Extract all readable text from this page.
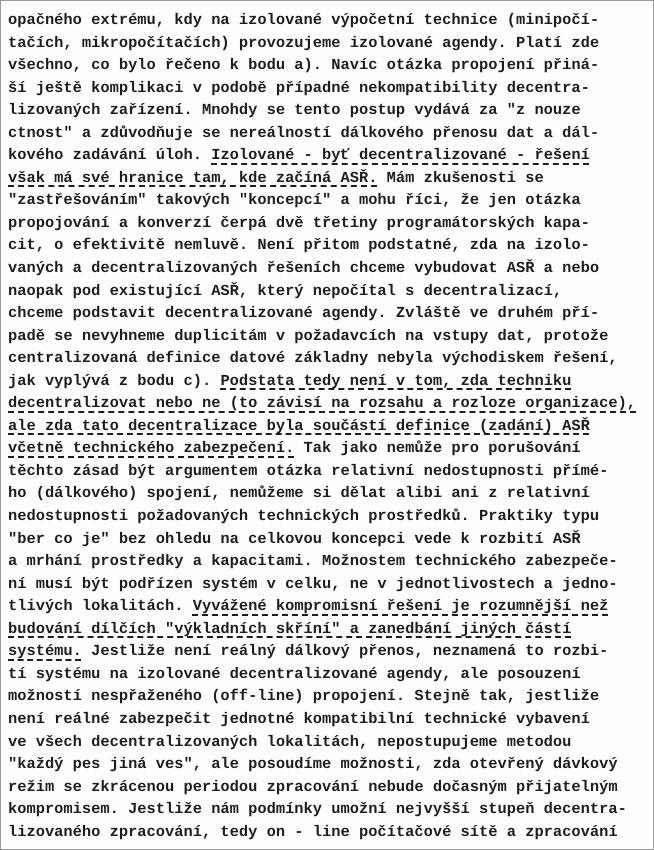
opačného extrému, kdy na izolované výpočetní technice (minipočí-
tačích, mikropočítačích) provozujeme izolované agendy. Platí zde
všechno, co bylo řečeno k bodu a). Navíc otázka propojení přiná-
ší ještě komplikaci v podobě případné nekompatibility decentra-
lizovaných zařízení. Mnohdy se tento postup vydává za "z nouze
ctnost" a zdůvodňuje se nereálností dálkového přenosu dat a dál-
kového zadávání úloh. Izolované - byť decentralizované - řešení
však má své hranice tam, kde začíná ASŘ. Mám zkušenosti se
"zastřešováním" takových "koncepcí" a mohu říci, že jen otázka
propojování a konverzí čerpá dvě třetiny programátorských kapa-
cit, o efektivitě nemluvě. Není přitom podstatné, zda na izolo-
vaných a decentralizovaných řešeních chceme vybudovat ASŘ a nebo
naopak pod existující ASŘ, který nepočítal s decentralizací,
chceme podstavit decentralizované agendy. Zvláště ve druhém pří-
padě se nevyhneme duplicitám v požadavcích na vstupy dat, protože
centralizovaná definice datové základny nebyla východiskem řešení,
jak vyplývá z bodu c). Podstata tedy není v tom, zda techniku
decentralizovat nebo ne (to závisí na rozsahu a rozloze organizace),
ale zda tato decentralizace byla součástí definice (zadání) ASŘ
včetně technického zabezpečení. Tak jako nemůže pro porušování
těchto zásad být argumentem otázka relativní nedostupnosti přímé-
ho (dálkového) spojení, nemůžeme si dělat alibi ani z relativní
nedostupnosti požadovaných technických prostředků. Praktiky typu
"ber co je" bez ohledu na celkovou koncepci vede k rozbití ASŘ
a mrhání prostředky a kapacitami. Možnostem technického zabezpeče-
ní musí být podřízen systém v celku, ne v jednotlivostech a jedno-
tlivých lokalitách. Vyvážené kompromisní řešení je rozumnější než
budování dílčích "výkladních skříní" a zanedbání jiných částí
systému. Jestliže není reálný dálkový přenos, neznamená to rozbi-
tí systému na izolované decentralizované agendy, ale posouzení
možností nespřaženého (off-line) propojení. Stejně tak, jestliže
není reálné zabezpečit jednotné kompatibilní technické vybavení
ve všech decentralizovaných lokalitách, nepostupujeme metodou
"každý pes jiná ves", ale posoudíme možnosti, zda otevřený dávkový
režim se zkrácenou periodou zpracování nebude dočasným přijatelným
kompromisem. Jestliže nám podmínky umožní nejvyšší stupeň decentra-
lizovaného zpracování, tedy on - line počítačové sítě a zpracování
